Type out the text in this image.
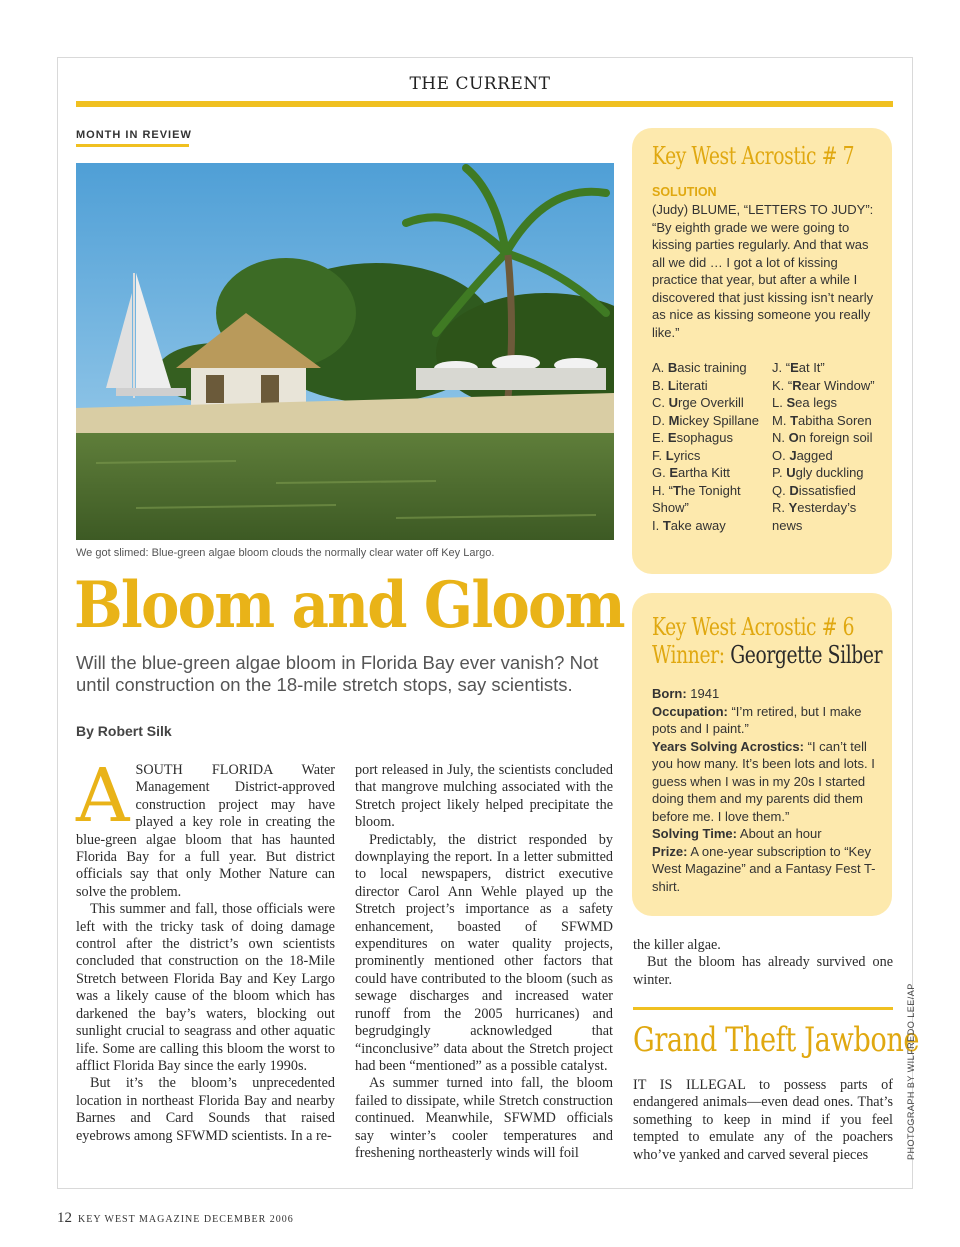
THE CURRENT
MONTH IN REVIEW
We got slimed: Blue-green algae bloom clouds the normally clear water off Key Largo.
Bloom and Gloom
Will the blue-green algae bloom in Florida Bay ever vanish? Not until construction on the 18-mile stretch stops, say scientists.
By Robert Silk

ASOUTH FLORIDA Water Management District-approved construction project may have played a key role in creating the blue-green algae bloom that has haunted Florida Bay for a full year. But district officials say that only Mother Nature can solve the problem.

This summer and fall, those officials were left with the tricky task of doing damage control after the district’s own scientists concluded that construction on the 18-Mile Stretch between Florida Bay and Key Largo was a likely cause of the bloom which has darkened the bay’s waters, blocking out sunlight crucial to seagrass and other aquatic life. Some are calling this bloom the worst to afflict Florida Bay since the early 1990s.

But it’s the bloom’s unprecedented location in northeast Florida Bay and nearby Barnes and Card Sounds that raised eyebrows among SFWMD scientists. In a re-

port released in July, the scientists concluded that mangrove mulching associated with the Stretch project likely helped precipitate the bloom.

Predictably, the district responded by downplaying the report. In a letter submitted to local newspapers, district executive director Carol Ann Wehle played up the Stretch project’s importance as a safety enhancement, boasted of SFWMD expenditures on water quality projects, prominently mentioned other factors that could have contributed to the bloom (such as sewage discharges and increased water runoff from the 2005 hurricanes) and begrudgingly acknowledged that “inconclusive” data about the Stretch project had been “mentioned” as a possible catalyst.

As summer turned into fall, the bloom failed to dissipate, while Stretch construction continued. Meanwhile, SFWMD officials say winter’s cooler temperatures and freshening northeasterly winds will foil

the killer algae.

But the bloom has already survived one winter.

Key West Acrostic # 7
SOLUTION
(Judy) BLUME, “LETTERS TO JUDY”: “By eighth grade we were going to kissing parties regularly. And that was all we did … I got a lot of kissing practice that year, but after a while I discovered that just kissing isn’t nearly as nice as kissing someone you really like.”
A. Basic training
B. Literati
C. Urge Overkill
D. Mickey Spillane
E. Esophagus
F. Lyrics
G. Eartha Kitt
H. “The Tonight Show”
I. Take away
J. “Eat It”
K. “Rear Window”
L. Sea legs
M. Tabitha Soren
N. On foreign soil
O. Jagged
P. Ugly duckling
Q. Dissatisfied
R. Yesterday’s news
Key West Acrostic # 6
Winner: Georgette Silber
Born: 1941
Occupation: “I’m retired, but I make pots and I paint.”
Years Solving Acrostics: “I can’t tell you how many. It’s been lots and lots. I guess when I was in my 20s I started doing them and my parents did them before me. I love them.”
Solving Time: About an hour
Prize: A one-year subscription to “Key West Magazine” and a Fantasy Fest T-shirt.
Grand Theft Jawbone

IT IS ILLEGAL to possess parts of endangered animals—even dead ones. That’s something to keep in mind if you feel tempted to emulate any of the poachers who’ve yanked and carved several pieces	PHOTOGRAPH BY WILFREDO LEE/AP
12 KEY WEST MAGAZINE DECEMBER 2006
